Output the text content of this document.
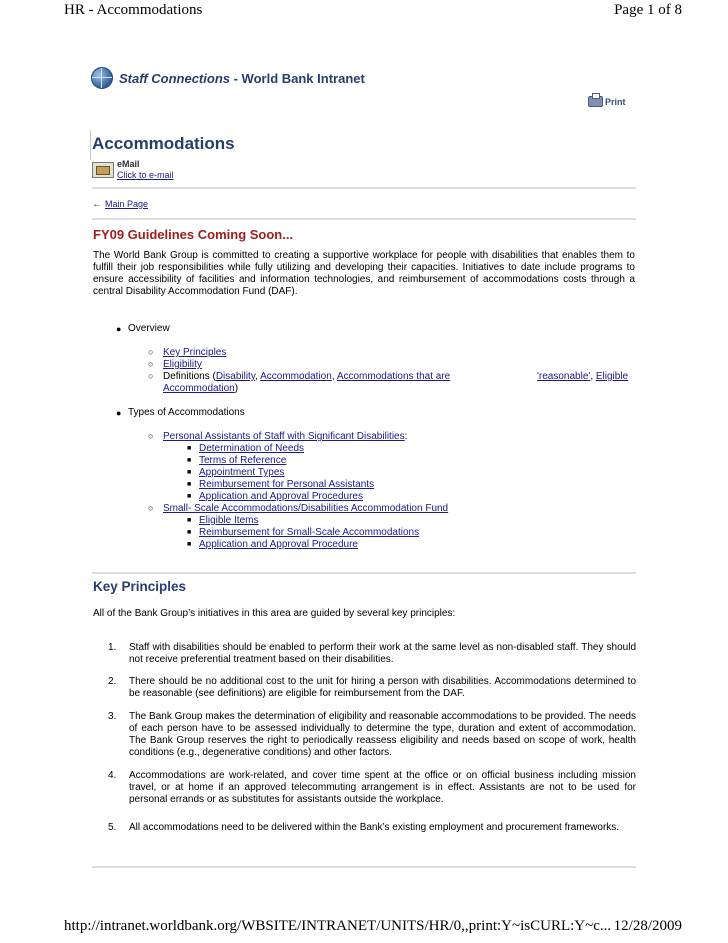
HR - Accommodations	Page 1 of 8
Staff Connections - World Bank Intranet
Print
Accommodations
eMail
Click to e-mail
← Main Page
FY09 Guidelines Coming Soon...

The World Bank Group is committed to creating a supportive workplace for people with disabilities that enables them to fulfill their job responsibilities while fully utilizing and developing their capacities. Initiatives to date include programs to ensure accessibility of facilities and information technologies, and reimbursement of accommodations costs through a central Disability Accommodation Fund (DAF).

● Overview
○ Key Principles
○ Eligibility
○ Definitions (Disability, Accommodation, Accommodations that are	'reasonable', Eligible
Accommodation)
● Types of Accommodations
○ Personal Assistants of Staff with Significant Disabilities:
■ Determination of Needs
■ Terms of Reference
■ Appointment Types
■ Reimbursement for Personal Assistants
■ Application and Approval Procedures
○ Small- Scale Accommodations/Disabilities Accommodation Fund
■ Eligible Items
■ Reimbursement for Small-Scale Accommodations
■ Application and Approval Procedure
Key Principles
All of the Bank Group’s initiatives in this area are guided by several key principles:
1. Staff with disabilities should be enabled to perform their work at the same level as non-disabled staff. They should not receive preferential treatment based on their disabilities.

2. There should be no additional cost to the unit for hiring a person with disabilities. Accommodations determined to be reasonable (see definitions) are eligible for reimbursement from the DAF.

3. The Bank Group makes the determination of eligibility and reasonable accommodations to be provided. The needs of each person have to be assessed individually to determine the type, duration and extent of accommodation. The Bank Group reserves the right to periodically reassess eligibility and needs based on scope of work, health conditions (e.g., degenerative conditions) and other factors.

4. Accommodations are work-related, and cover time spent at the office or on official business including mission travel, or at home if an approved telecommuting arrangement is in effect. Assistants are not to be used for personal errands or as substitutes for assistants outside the workplace.

5. All accommodations need to be delivered within the Bank’s existing employment and procurement frameworks.

http://intranet.worldbank.org/WBSITE/INTRANET/UNITS/HR/0,,print:Y~isCURL:Y~c... 12/28/2009
